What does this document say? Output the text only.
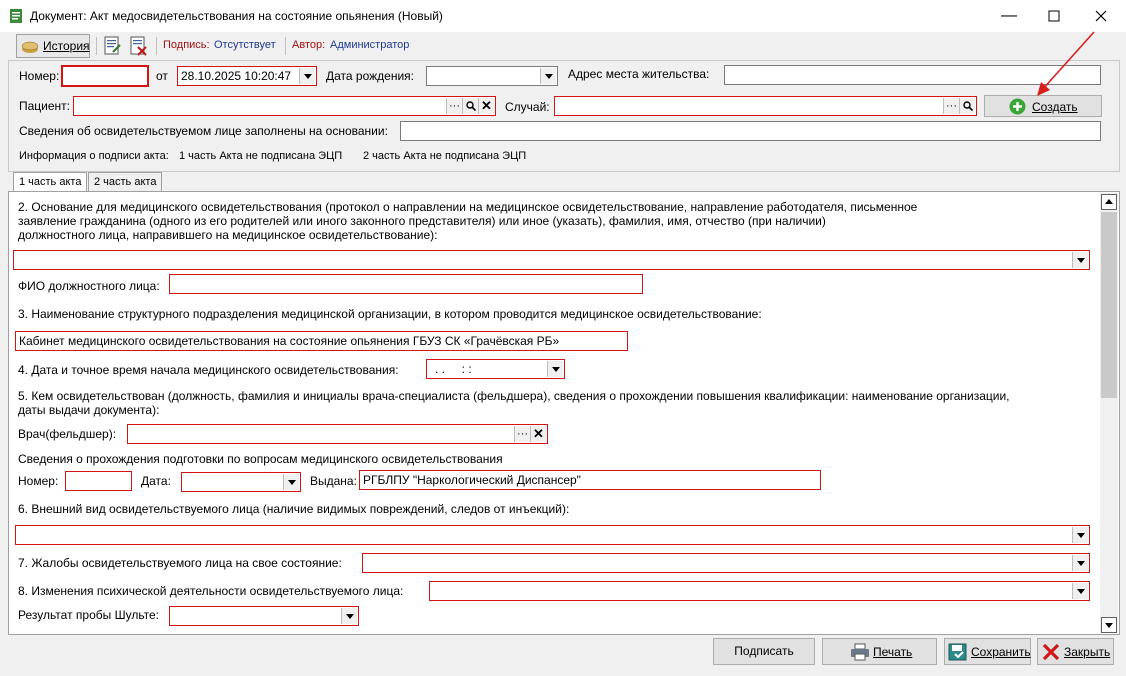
Документ: Акт медосвидетельствования на состояние опьянения (Новый)	—
История	Подпись: Отсутствует Автор: Администратор
Номер:	от 28.10.2025 10:20:47	Дата рождения:	Адрес места жительства:
Пациент:	··· ✕ Случай:	···	Создать
Сведения об освидетельствуемом лице заполнены на основании:
Информация о подписи акта: 1 часть Акта не подписана ЭЦП 2 часть Акта не подписана ЭЦП
1 часть акта	2 часть акта
2. Основание для медицинского освидетельствования (протокол о направлении на медицинское освидетельствование, направление работодателя, письменное
заявление гражданина (одного из его родителей или иного законного представителя) или иное (указать), фамилия, имя, отчество (при наличии)
должностного лица, направившего на медицинское освидетельствование):
ФИО должностного лица:
3. Наименование структурного подразделения медицинской организации, в котором проводится медицинское освидетельствование:
Кабинет медицинского освидетельствования на состояние опьянения ГБУЗ СК «Грачёвская РБ»
4. Дата и точное время начала медицинского освидетельствования:	. .     : :
5. Кем освидетельствован (должность, фамилия и инициалы врача-специалиста (фельдшера), сведения о прохождении повышения квалификации: наименование организации,
даты выдачи документа):
Врач(фельдшер):	··· ✕
Сведения о прохождения подготовки по вопросам медицинского освидетельствования
Номер:	Дата:	Выдана: РГБЛПУ "Наркологический Диспансер"
6. Внешний вид освидетельствуемого лица (наличие видимых повреждений, следов от инъекций):
7. Жалобы освидетельствуемого лица на свое состояние:
8. Изменения психической деятельности освидетельствуемого лица:
Результат пробы Шульте:
Подписать	Печать	Сохранить	Закрыть
